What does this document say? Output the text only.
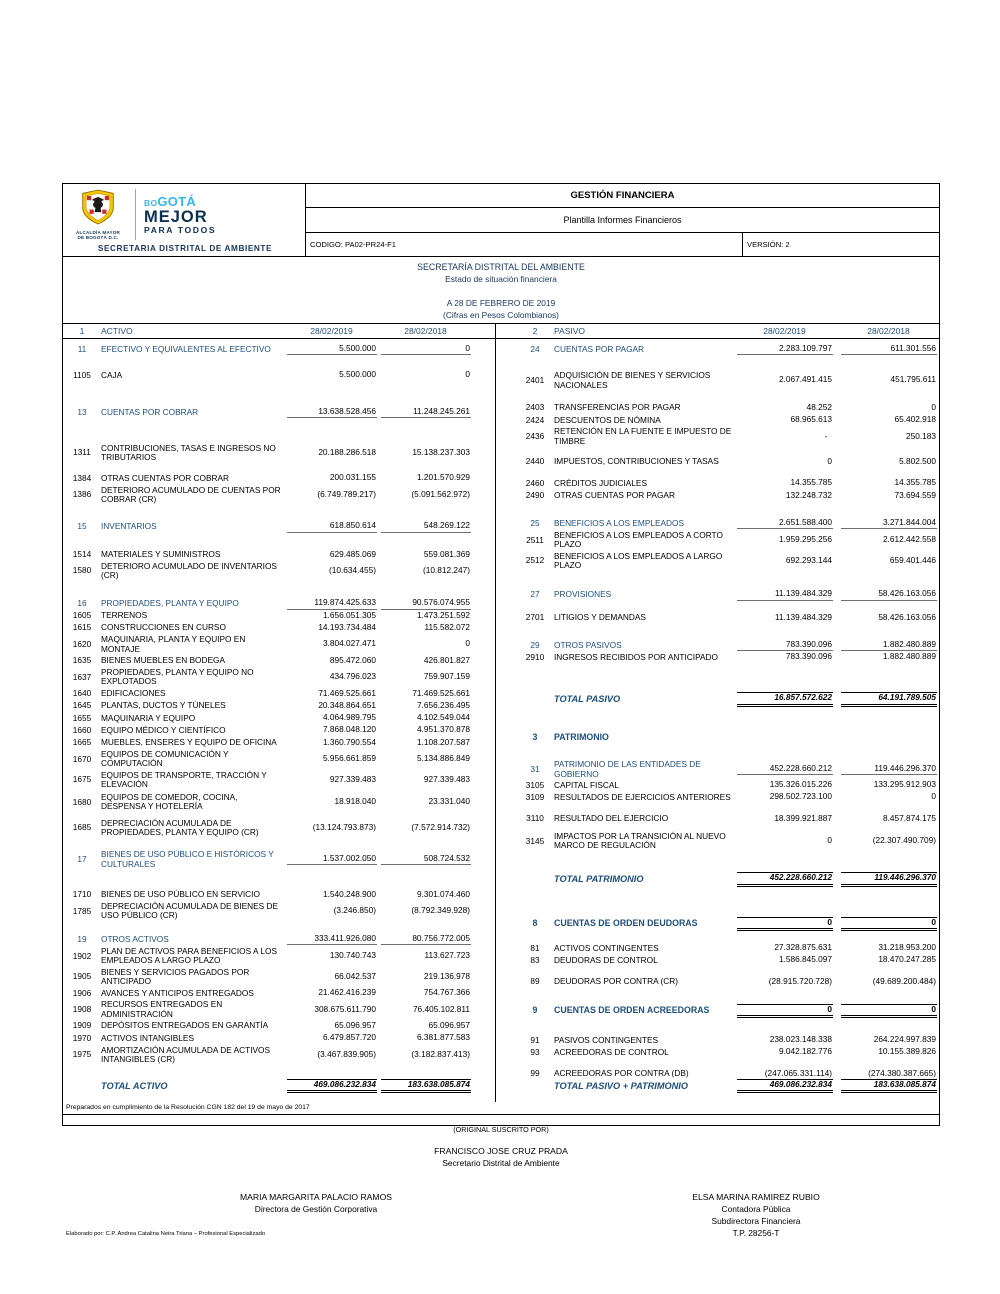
ALCALDÍA MAYOR
DE BOGOTÁ D.C.
BOGOTÁ
MEJOR
PARA TODOS
SECRETARIA DISTRITAL DE AMBIENTE
GESTIÓN FINANCIERA
Plantilla Informes Financieros
CODIGO: PA02-PR24-F1	VERSIÓN: 2
SECRETARÍA DISTRITAL DEL AMBIENTE
Estado de situación financiera
A 28 DE FEBRERO DE 2019
(Cifras en Pesos Colombianos)
1	ACTIVO	28/02/2019	28/02/2018
11	EFECTIVO Y EQUIVALENTES AL EFECTIVO	5.500.000	0
1105	CAJA	5.500.000	0
13	CUENTAS POR COBRAR	13.638.528.456	11.248.245.261
1311	CONTRIBUCIONES, TASAS E INGRESOS NO TRIBUTARIOS
20.188.286.518	15.138.237.303
1384	OTRAS CUENTAS POR COBRAR	200.031.155	1.201.570.929
1386	DETERIORO ACUMULADO DE CUENTAS POR COBRAR (CR)
(6.749.789.217)	(5.091.562.972)
15	INVENTARIOS	618.850.614	548.269.122
1514	MATERIALES Y SUMINISTROS	629.485.069	559.081.369
1580	DETERIORO ACUMULADO DE INVENTARIOS (CR)
(10.634.455)	(10.812.247)
16	PROPIEDADES, PLANTA Y EQUIPO	119.874.425.633	90.576.074.955
1605	TERRENOS	1.656.051.305	1.473.251.592
1615	CONSTRUCCIONES EN CURSO	14.193.734.484	115.582.072
1620	MAQUINARIA, PLANTA Y EQUIPO EN MONTAJE
3.804.027.471	0
1635	BIENES MUEBLES EN BODEGA	895.472.060	426.801.827
1637	PROPIEDADES, PLANTA Y EQUIPO NO EXPLOTADOS
434.796.023	759.907.159
1640	EDIFICACIONES	71.469.525.661	71.469.525.661
1645	PLANTAS, DUCTOS Y TÚNELES	20.348.864.651	7.656.236.495
1655	MAQUINARIA Y EQUIPO	4.064.989.795	4.102.549.044
1660	EQUIPO MÉDICO Y CIENTÍFICO	7.868.048.120	4.951.370.878
1665	MUEBLES, ENSERES Y EQUIPO DE OFICINA	1.360.790.554	1.108.207.587
1670	EQUIPOS DE COMUNICACIÓN Y COMPUTACIÓN
5.956.661.859	5.134.886.849
1675	EQUIPOS DE TRANSPORTE, TRACCIÓN Y ELEVACIÓN
927.339.483	927.339.483
1680	EQUIPOS DE COMEDOR, COCINA, DESPENSA Y HOTELERÍA
18.918.040	23.331.040
1685	DEPRECIACIÓN ACUMULADA DE PROPIEDADES, PLANTA Y EQUIPO (CR)
(13.124.793.873)	(7.572.914.732)
17	BIENES DE USO PÚBLICO E HISTÓRICOS Y CULTURALES
1.537.002.050	508.724.532
1710	BIENES DE USO PÚBLICO EN SERVICIO	1.540.248.900	9.301.074.460
1785	DEPRECIACIÓN ACUMULADA DE BIENES DE USO PÚBLICO (CR)
(3.246.850)	(8.792.349.928)
19	OTROS ACTIVOS	333.411.926.080	80.756.772.005
1902	PLAN DE ACTIVOS PARA BENEFICIOS A LOS EMPLEADOS A LARGO PLAZO
130.740.743	113.627.723
1905	BIENES Y SERVICIOS PAGADOS POR ANTICIPADO
66.042.537	219.136.978
1906	AVANCES Y ANTICIPOS ENTREGADOS	21.462.416.239	754.767.366
1908	RECURSOS ENTREGADOS EN ADMINISTRACIÓN
308.675.611.790	76.405.102.811
1909	DEPÓSITOS ENTREGADOS EN GARANTÍA	65.096.957	65.096.957
1970	ACTIVOS INTANGIBLES	6.479.857.720	6.381.877.583
1975	AMORTIZACIÓN ACUMULADA DE ACTIVOS INTANGIBLES (CR)
(3.467.839.905)	(3.182.837.413)
TOTAL ACTIVO	469.086.232.834	183.638.085.874
2	PASIVO	28/02/2019	28/02/2018
24	CUENTAS POR PAGAR	2.283.109.797	611.301.556
2401	ADQUISICIÓN DE BIENES Y SERVICIOS NACIONALES
2.067.491.415	451.795.611
2403	TRANSFERENCIAS POR PAGAR	48.252	0
2424	DESCUENTOS DE NÓMINA	68.965.613	65.402.918
2436	RETENCIÓN EN LA FUENTE E IMPUESTO DE TIMBRE
-	250.183
2440	IMPUESTOS, CONTRIBUCIONES Y TASAS	0	5.802.500
2460	CRÉDITOS JUDICIALES	14.355.785	14.355.785
2490	OTRAS CUENTAS POR PAGAR	132.248.732	73.694.559
25	BENEFICIOS A LOS EMPLEADOS	2.651.588.400	3.271.844.004
2511	BENEFICIOS A LOS EMPLEADOS A CORTO PLAZO
1.959.295.256	2.612.442.558
2512	BENEFICIOS A LOS EMPLEADOS A LARGO PLAZO
692.293.144	659.401.446
27	PROVISIONES	11.139.484.329	58.426.163.056
2701	LITIGIOS Y DEMANDAS	11.139.484.329	58.426.163.056
29	OTROS PASIVOS	783.390.096	1.882.480.889
2910	INGRESOS RECIBIDOS POR ANTICIPADO	783.390.096	1.882.480.889
TOTAL PASIVO	16.857.572.622	64.191.789.505
3	PATRIMONIO
31	PATRIMONIO DE LAS ENTIDADES DE GOBIERNO
452.228.660.212	119.446.296.370
3105	CAPITAL FISCAL	135.326.015.226	133.295.912.903
3109	RESULTADOS DE EJERCICIOS ANTERIORES	298.502.723.100	0
3110	RESULTADO DEL EJERCICIO	18.399.921.887	8.457.874.175
3145	IMPACTOS POR LA TRANSICIÓN AL NUEVO MARCO DE REGULACIÓN
0	(22.307.490.709)
TOTAL PATRIMONIO	452.228.660.212	119.446.296.370
8	CUENTAS DE ORDEN DEUDORAS	0	0
81	ACTIVOS CONTINGENTES	27.328.875.631	31.218.953.200
83	DEUDORAS DE CONTROL	1.586.845.097	18.470.247.285
89	DEUDORAS POR CONTRA (CR)	(28.915.720.728)	(49.689.200.484)
9	CUENTAS DE ORDEN ACREEDORAS	0	0
91	PASIVOS CONTINGENTES	238.023.148.338	264.224.997.839
93	ACREEDORAS DE CONTROL	9.042.182.776	10.155.389.826
99	ACREEDORAS POR CONTRA (DB)	(247.065.331.114)	(274.380.387.665)
TOTAL PASIVO + PATRIMONIO	469.086.232.834	183.638.085.874
Preparados en cumplimiento de la Resolución CGN 182 del 19 de mayo de 2017
(ORIGINAL SUSCRITO POR)
FRANCISCO JOSE CRUZ PRADA
Secretario Distrital de Ambiente
MARIA MARGARITA PALACIO RAMOS
Directora de Gestión Corporativa
ELSA MARINA RAMIREZ RUBIO
Contadora Pública
Subdirectora Financiera
T.P. 28256-T
Elaborado por: C.P. Andrea Catalina Neira Triana – Profesional Especializado
